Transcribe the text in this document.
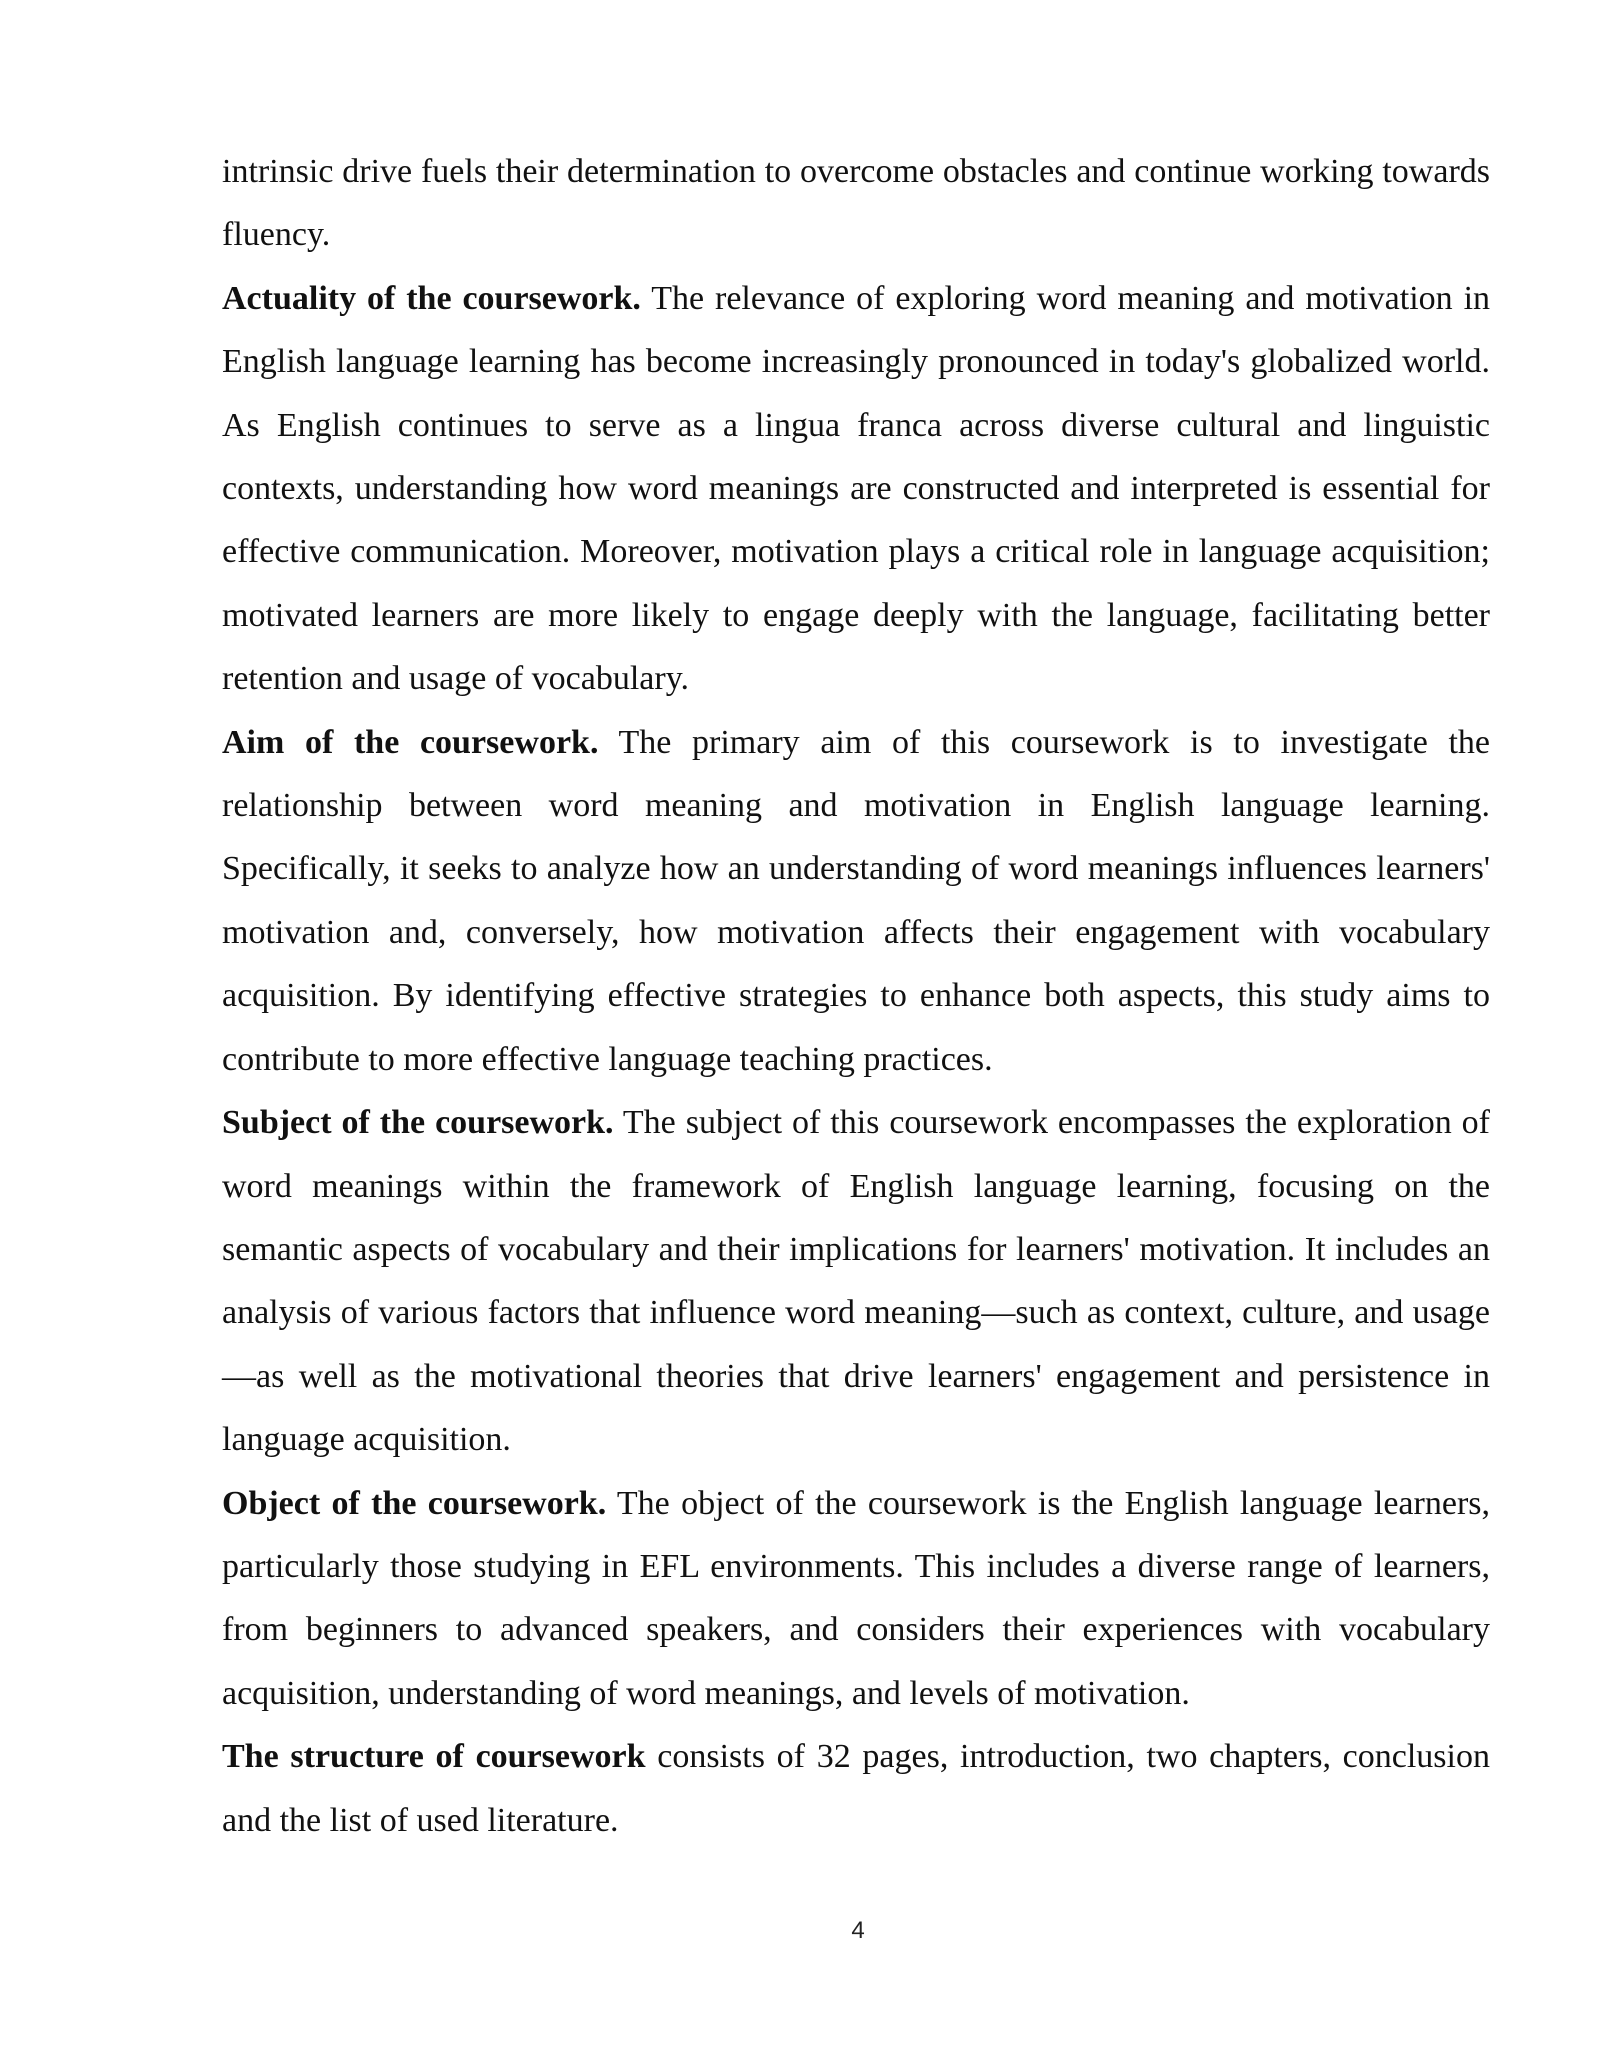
intrinsic drive fuels their determination to overcome obstacles and continue working towards fluency.

Actuality of the coursework. The relevance of exploring word meaning and motivation in English language learning has become increasingly pronounced in today's globalized world. As English continues to serve as a lingua franca across diverse cultural and linguistic contexts, understanding how word meanings are constructed and interpreted is essential for effective communication. Moreover, motivation plays a critical role in language acquisition; motivated learners are more likely to engage deeply with the language, facilitating better retention and usage of vocabulary.

Aim of the coursework. The primary aim of this coursework is to investigate the relationship between word meaning and motivation in English language learning. Specifically, it seeks to analyze how an understanding of word meanings influences learners' motivation and, conversely, how motivation affects their engagement with vocabulary acquisition. By identifying effective strategies to enhance both aspects, this study aims to contribute to more effective language teaching practices.

Subject of the coursework. The subject of this coursework encompasses the exploration of word meanings within the framework of English language learning, focusing on the semantic aspects of vocabulary and their implications for learners' motivation. It includes an analysis of various factors that influence word meaning—such as context, culture, and usage—as well as the motivational theories that drive learners' engagement and persistence in language acquisition.

Object of the coursework. The object of the coursework is the English language learners, particularly those studying in EFL environments. This includes a diverse range of learners, from beginners to advanced speakers, and considers their experiences with vocabulary acquisition, understanding of word meanings, and levels of motivation.

The structure of coursework consists of 32 pages, introduction, two chapters, conclusion and the list of used literature.

4
